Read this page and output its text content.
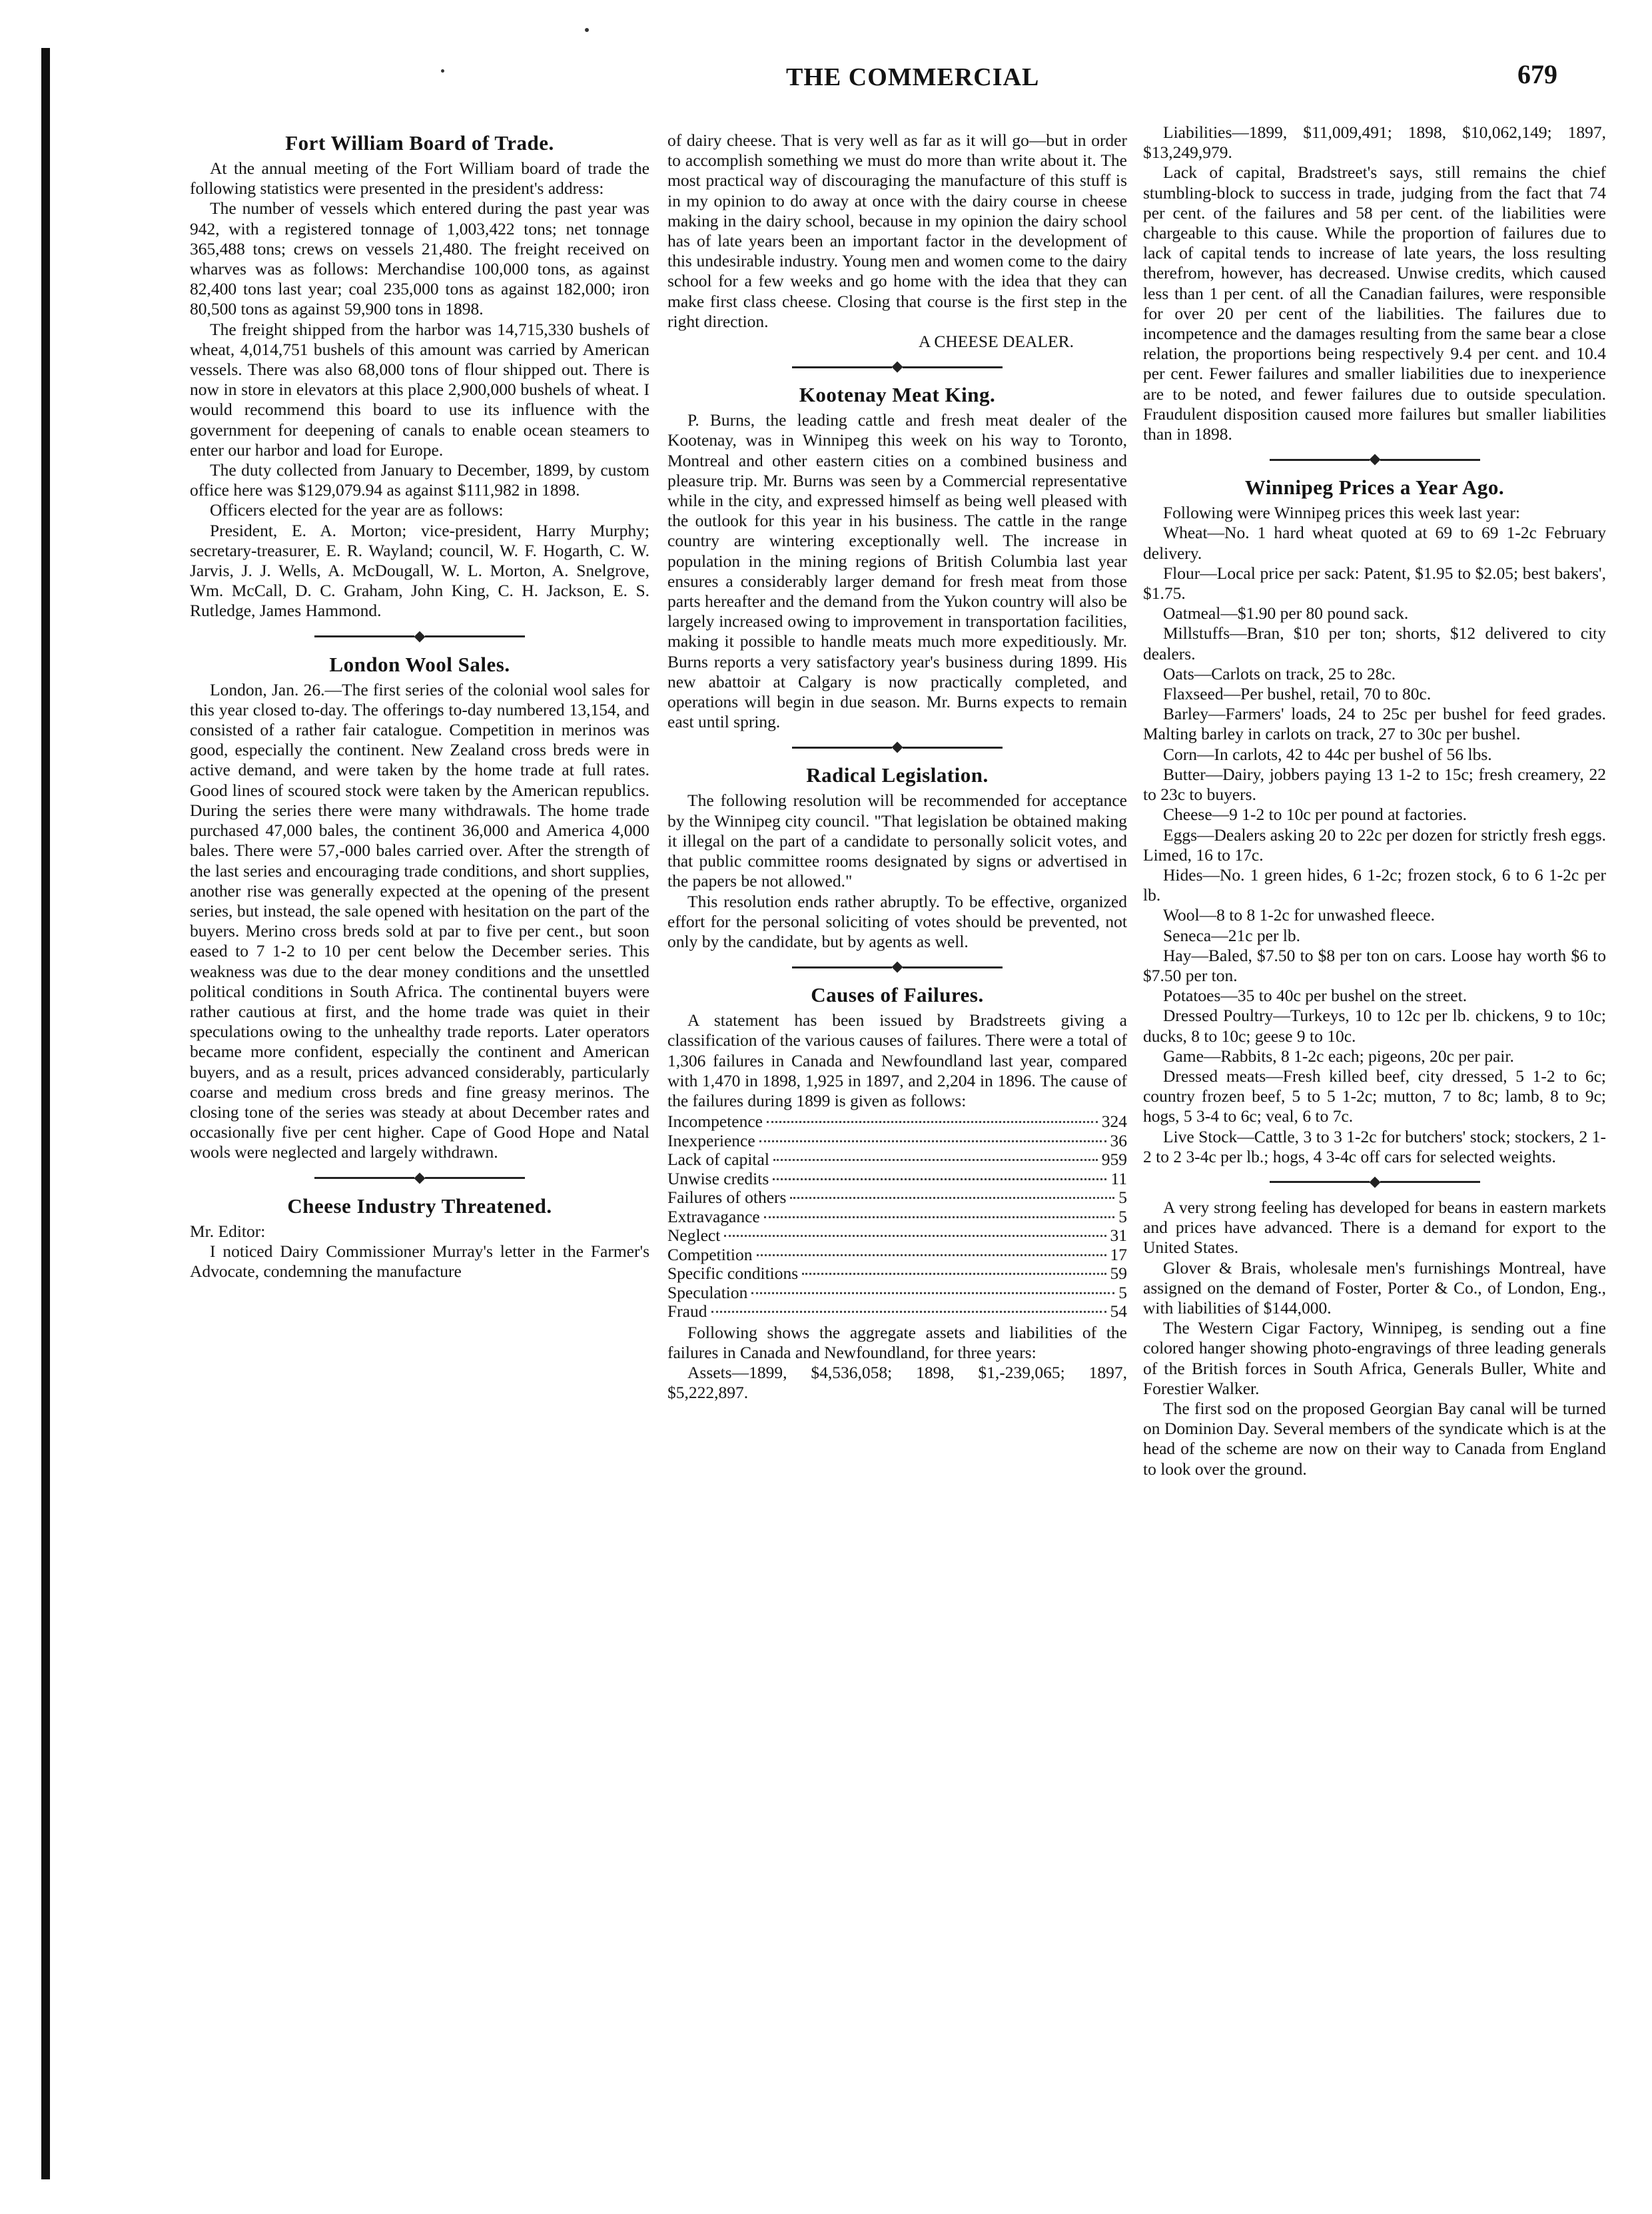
THE COMMERCIAL	679
Fort William Board of Trade.

At the annual meeting of the Fort William board of trade the following statistics were presented in the president's address:

The number of vessels which entered during the past year was 942, with a registered tonnage of 1,003,422 tons; net tonnage 365,488 tons; crews on vessels 21,480. The freight received on wharves was as follows: Merchandise 100,000 tons, as against 82,400 tons last year; coal 235,000 tons as against 182,000; iron 80,500 tons as against 59,900 tons in 1898.

The freight shipped from the harbor was 14,715,330 bushels of wheat, 4,014,751 bushels of this amount was carried by American vessels. There was also 68,000 tons of flour shipped out. There is now in store in elevators at this place 2,900,000 bushels of wheat. I would recommend this board to use its influence with the government for deepening of canals to enable ocean steamers to enter our harbor and load for Europe.

The duty collected from January to December, 1899, by custom office here was $129,079.94 as against $111,982 in 1898.

Officers elected for the year are as follows:

President, E. A. Morton; vice-president, Harry Murphy; secretary-treasurer, E. R. Wayland; council, W. F. Hogarth, C. W. Jarvis, J. J. Wells, A. McDougall, W. L. Morton, A. Snelgrove, Wm. McCall, D. C. Graham, John King, C. H. Jackson, E. S. Rutledge, James Hammond.

London Wool Sales.

London, Jan. 26.—The first series of the colonial wool sales for this year closed to-day. The offerings to-day numbered 13,154, and consisted of a rather fair catalogue. Competition in merinos was good, especially the continent. New Zealand cross breds were in active demand, and were taken by the home trade at full rates. Good lines of scoured stock were taken by the American republics. During the series there were many withdrawals. The home trade purchased 47,000 bales, the continent 36,000 and America 4,000 bales. There were 57,-000 bales carried over. After the strength of the last series and encouraging trade conditions, and short supplies, another rise was generally expected at the opening of the present series, but instead, the sale opened with hesitation on the part of the buyers. Merino cross breds sold at par to five per cent., but soon eased to 7 1-2 to 10 per cent below the December series. This weakness was due to the dear money conditions and the unsettled political conditions in South Africa. The continental buyers were rather cautious at first, and the home trade was quiet in their speculations owing to the unhealthy trade reports. Later operators became more confident, especially the continent and American buyers, and as a result, prices advanced considerably, particularly coarse and medium cross breds and fine greasy merinos. The closing tone of the series was steady at about December rates and occasionally five per cent higher. Cape of Good Hope and Natal wools were neglected and largely withdrawn.

Cheese Industry Threatened.

Mr. Editor:

I noticed Dairy Commissioner Murray's letter in the Farmer's Advocate, condemning the manufacture

of dairy cheese. That is very well as far as it will go—but in order to accomplish something we must do more than write about it. The most practical way of discouraging the manufacture of this stuff is in my opinion to do away at once with the dairy course in cheese making in the dairy school, because in my opinion the dairy school has of late years been an important factor in the development of this undesirable industry. Young men and women come to the dairy school for a few weeks and go home with the idea that they can make first class cheese. Closing that course is the first step in the right direction.

A CHEESE DEALER.

Kootenay Meat King.

P. Burns, the leading cattle and fresh meat dealer of the Kootenay, was in Winnipeg this week on his way to Toronto, Montreal and other eastern cities on a combined business and pleasure trip. Mr. Burns was seen by a Commercial representative while in the city, and expressed himself as being well pleased with the outlook for this year in his business. The cattle in the range country are wintering exceptionally well. The increase in population in the mining regions of British Columbia last year ensures a considerably larger demand for fresh meat from those parts hereafter and the demand from the Yukon country will also be largely increased owing to improvement in transportation facilities, making it possible to handle meats much more expeditiously. Mr. Burns reports a very satisfactory year's business during 1899. His new abattoir at Calgary is now practically completed, and operations will begin in due season. Mr. Burns expects to remain east until spring.

Radical Legislation.

The following resolution will be recommended for acceptance by the Winnipeg city council. "That legislation be obtained making it illegal on the part of a candidate to personally solicit votes, and that public committee rooms designated by signs or advertised in the papers be not allowed."

This resolution ends rather abruptly. To be effective, organized effort for the personal soliciting of votes should be prevented, not only by the candidate, but by agents as well.

Causes of Failures.

A statement has been issued by Bradstreets giving a classification of the various causes of failures. There were a total of 1,306 failures in Canada and Newfoundland last year, compared with 1,470 in 1898, 1,925 in 1897, and 2,204 in 1896. The cause of the failures during 1899 is given as follows:

Incompetence	324
Inexperience	36
Lack of capital	959
Unwise credits	11
Failures of others	5
Extravagance	5
Neglect	31
Competition	17
Specific conditions	59
Speculation	5
Fraud	54

Following shows the aggregate assets and liabilities of the failures in Canada and Newfoundland, for three years:

Assets—1899, $4,536,058; 1898, $1,-239,065; 1897, $5,222,897.

Liabilities—1899, $11,009,491; 1898, $10,062,149; 1897, $13,249,979.

Lack of capital, Bradstreet's says, still remains the chief stumbling-block to success in trade, judging from the fact that 74 per cent. of the failures and 58 per cent. of the liabilities were chargeable to this cause. While the proportion of failures due to lack of capital tends to increase of late years, the loss resulting therefrom, however, has decreased. Unwise credits, which caused less than 1 per cent. of all the Canadian failures, were responsible for over 20 per cent of the liabilities. The failures due to incompetence and the damages resulting from the same bear a close relation, the proportions being respectively 9.4 per cent. and 10.4 per cent. Fewer failures and smaller liabilities due to inexperience are to be noted, and fewer failures due to outside speculation. Fraudulent disposition caused more failures but smaller liabilities than in 1898.

Winnipeg Prices a Year Ago.

Following were Winnipeg prices this week last year:

Wheat—No. 1 hard wheat quoted at 69 to 69 1-2c February delivery.

Flour—Local price per sack: Patent, $1.95 to $2.05; best bakers', $1.75.

Oatmeal—$1.90 per 80 pound sack.

Millstuffs—Bran, $10 per ton; shorts, $12 delivered to city dealers.

Oats—Carlots on track, 25 to 28c.

Flaxseed—Per bushel, retail, 70 to 80c.

Barley—Farmers' loads, 24 to 25c per bushel for feed grades. Malting barley in carlots on track, 27 to 30c per bushel.

Corn—In carlots, 42 to 44c per bushel of 56 lbs.

Butter—Dairy, jobbers paying 13 1-2 to 15c; fresh creamery, 22 to 23c to buyers.

Cheese—9 1-2 to 10c per pound at factories.

Eggs—Dealers asking 20 to 22c per dozen for strictly fresh eggs. Limed, 16 to 17c.

Hides—No. 1 green hides, 6 1-2c; frozen stock, 6 to 6 1-2c per lb.

Wool—8 to 8 1-2c for unwashed fleece.

Seneca—21c per lb.

Hay—Baled, $7.50 to $8 per ton on cars. Loose hay worth $6 to $7.50 per ton.

Potatoes—35 to 40c per bushel on the street.

Dressed Poultry—Turkeys, 10 to 12c per lb. chickens, 9 to 10c; ducks, 8 to 10c; geese 9 to 10c.

Game—Rabbits, 8 1-2c each; pigeons, 20c per pair.

Dressed meats—Fresh killed beef, city dressed, 5 1-2 to 6c; country frozen beef, 5 to 5 1-2c; mutton, 7 to 8c; lamb, 8 to 9c; hogs, 5 3-4 to 6c; veal, 6 to 7c.

Live Stock—Cattle, 3 to 3 1-2c for butchers' stock; stockers, 2 1-2 to 2 3-4c per lb.; hogs, 4 3-4c off cars for selected weights.

A very strong feeling has developed for beans in eastern markets and prices have advanced. There is a demand for export to the United States.

Glover & Brais, wholesale men's furnishings Montreal, have assigned on the demand of Foster, Porter & Co., of London, Eng., with liabilities of $144,000.

The Western Cigar Factory, Winnipeg, is sending out a fine colored hanger showing photo-engravings of three leading generals of the British forces in South Africa, Generals Buller, White and Forestier Walker.

The first sod on the proposed Georgian Bay canal will be turned on Dominion Day. Several members of the syndicate which is at the head of the scheme are now on their way to Canada from England to look over the ground.
